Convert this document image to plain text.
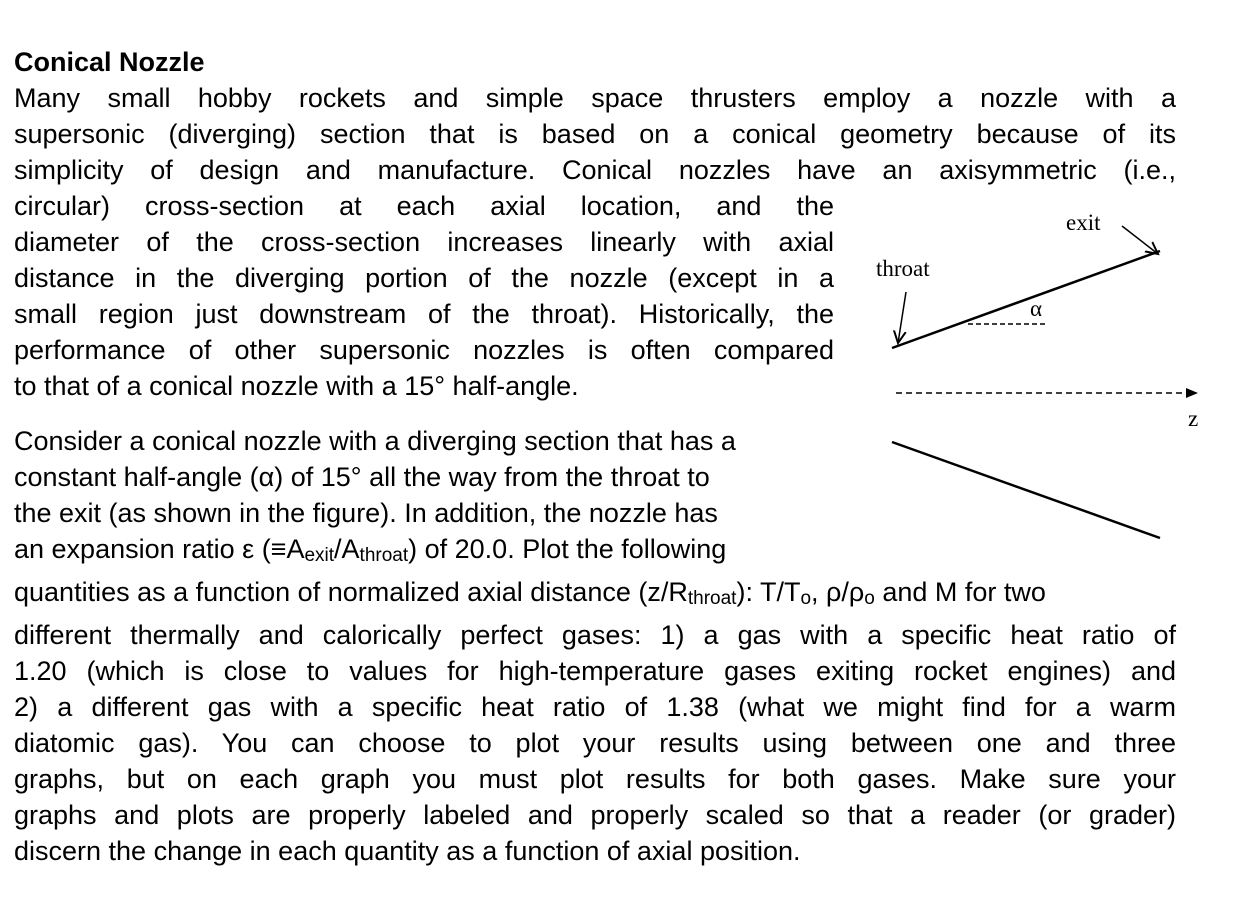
Conical Nozzle
Many small hobby rockets and simple space thrusters employ a nozzle with a
supersonic (diverging) section that is based on a conical geometry because of its
simplicity of design and manufacture. Conical nozzles have an axisymmetric (i.e.,
circular) cross-section at each axial location, and the
diameter of the cross-section increases linearly with axial
distance in the diverging portion of the nozzle (except in a
small region just downstream of the throat). Historically, the
performance of other supersonic nozzles is often compared
to that of a conical nozzle with a 15° half-angle.
Consider a conical nozzle with a diverging section that has a
constant half-angle (α) of 15° all the way from the throat to
the exit (as shown in the figure). In addition, the nozzle has
an expansion ratio ε (≡Aexit/Athroat) of 20.0. Plot the following
quantities as a function of normalized axial distance (z/Rthroat): T/To, ρ/ρo and M for two
different thermally and calorically perfect gases: 1) a gas with a specific heat ratio of
1.20 (which is close to values for high-temperature gases exiting rocket engines) and
2) a different gas with a specific heat ratio of 1.38 (what we might find for a warm
diatomic gas). You can choose to plot your results using between one and three
graphs, but on each graph you must plot results for both gases. Make sure your
graphs and plots are properly labeled and properly scaled so that a reader (or grader)
discern the change in each quantity as a function of axial position.
exit
throat
α
z
